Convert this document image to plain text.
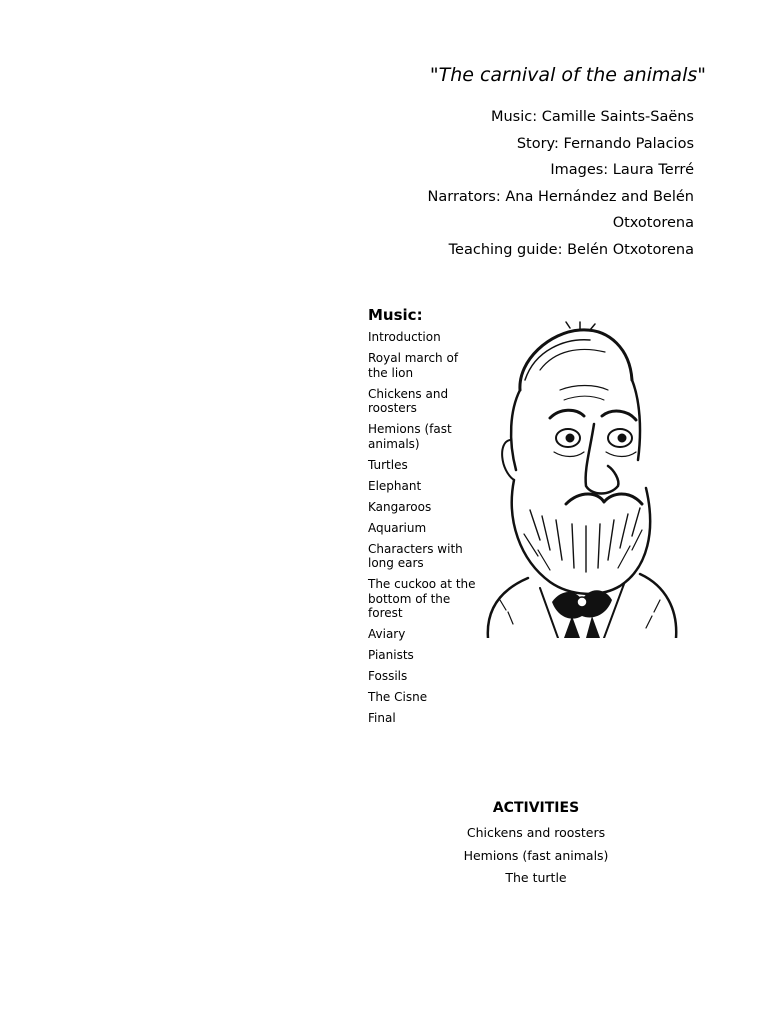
"The carnival of the animals"
Music: Camille Saints-Saëns
Story: Fernando Palacios
Images: Laura Terré
Narrators: Ana Hernández and Belén
Otxotorena
Teaching guide: Belén Otxotorena
Music:
Introduction
Royal march of the lion
Chickens and roosters
Hemions (fast animals)
Turtles
Elephant
Kangaroos
Aquarium
Characters with long ears
The cuckoo at the bottom of the forest
Aviary
Pianists
Fossils
The Cisne
Final
ACTIVITIES
Chickens and roosters
Hemions (fast animals)
The turtle
